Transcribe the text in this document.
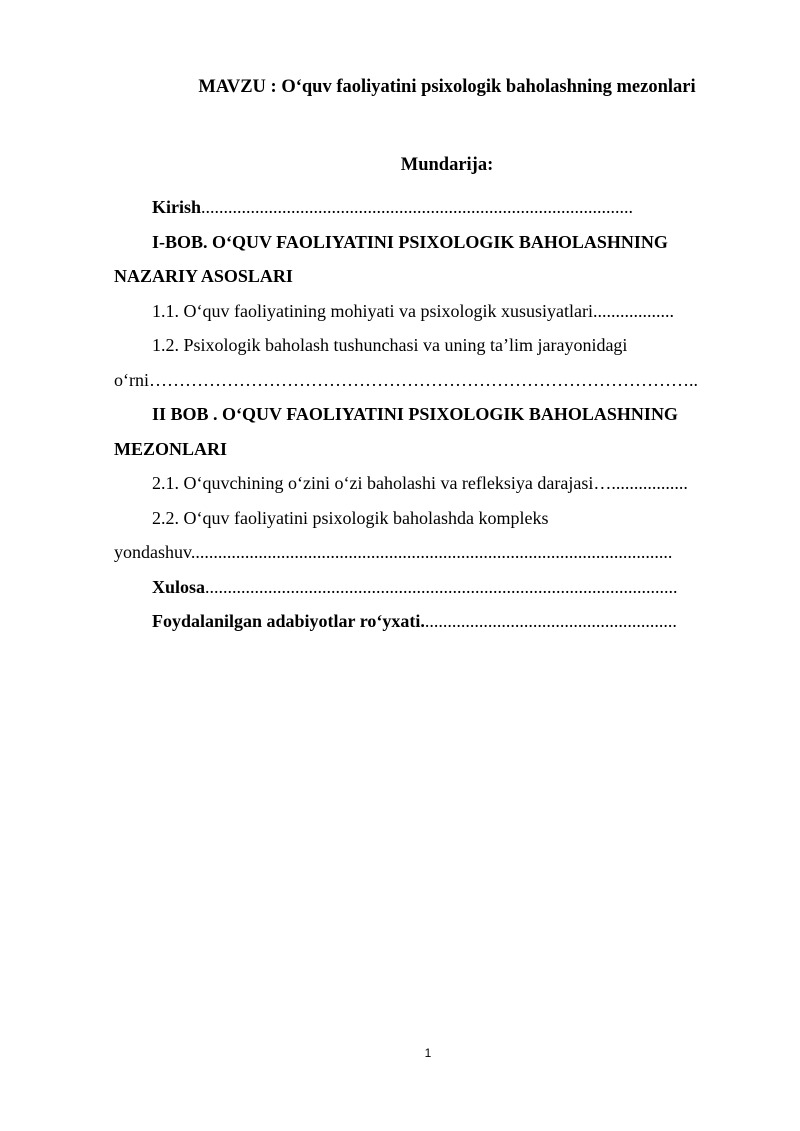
MAVZU : O‘quv faoliyatini psixologik baholashning mezonlari
Mundarija:
Kirish................................................................................................
I-BOB. O‘QUV FAOLIYATINI PSIXOLOGIK BAHOLASHNING NAZARIY ASOSLARI
1.1. O‘quv faoliyatining mohiyati va psixologik xususiyatlari..................
1.2. Psixologik baholash tushunchasi va uning ta’lim jarayonidagi o‘rni………………………………………………………………………………..
II BOB . O‘QUV FAOLIYATINI PSIXOLOGIK BAHOLASHNING MEZONLARI
2.1. O‘quvchining o‘zini o‘zi baholashi va refleksiya darajasi….................
2.2. O‘quv faoliyatini psixologik baholashda kompleks yondashuv...........................................................................................................
Xulosa.........................................................................................................
Foydalanilgan adabiyotlar ro‘yxati.........................................................
1
